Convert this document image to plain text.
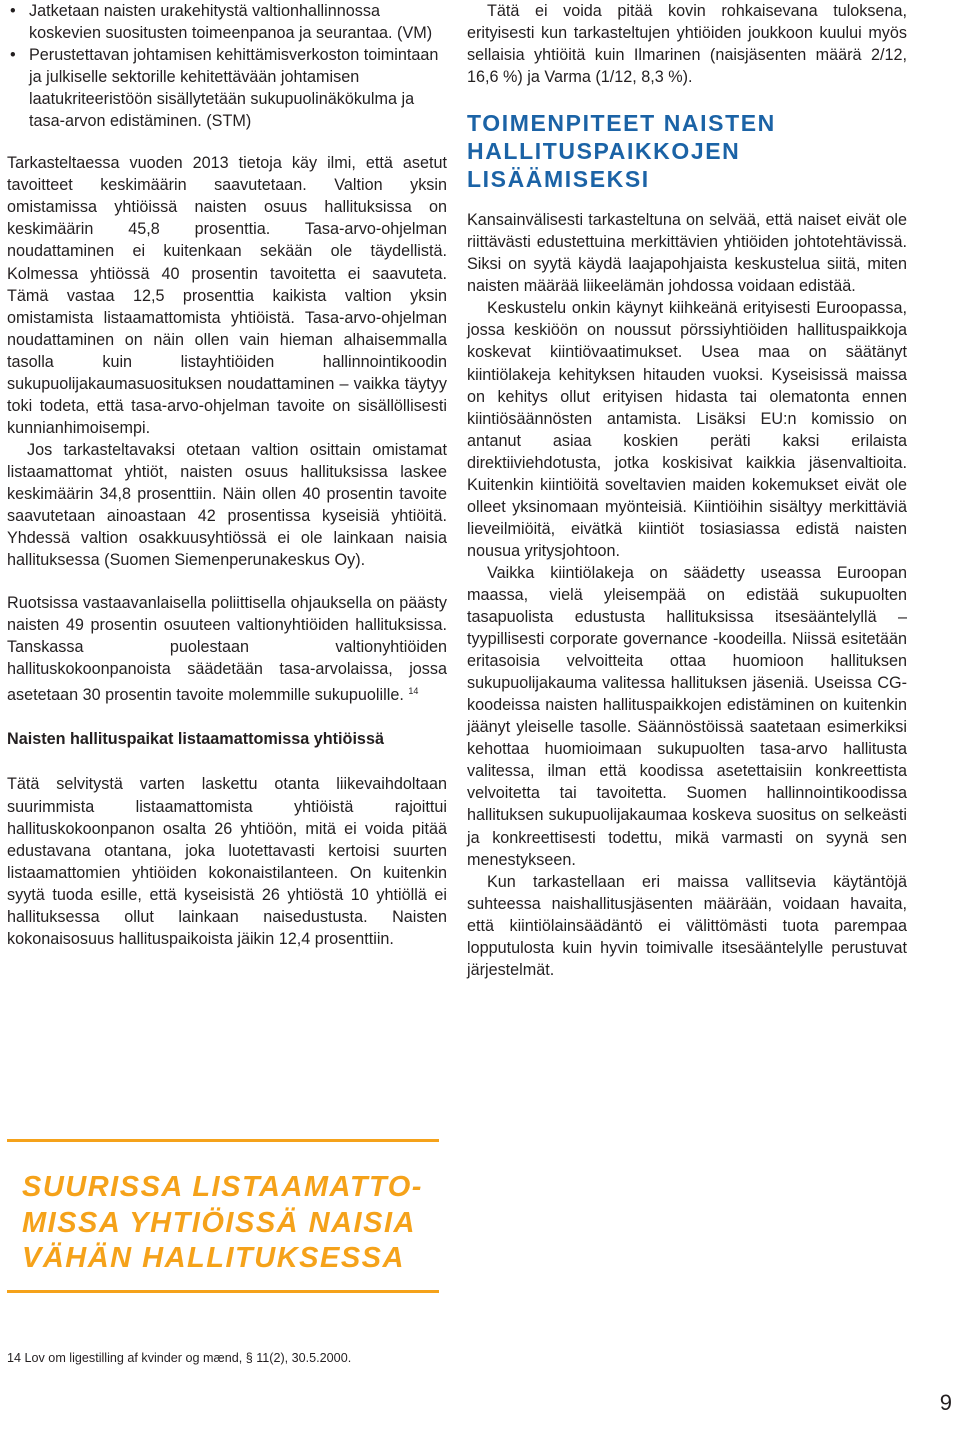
• Jatketaan naisten urakehitystä valtionhallinnossa koskevien suositusten toimeenpanoa ja seurantaa. (VM)
• Perustettavan johtamisen kehittämisverkoston toimintaan ja julkiselle sektorille kehitettävään johtamisen laatukriteeristöön sisällytetään sukupuolinäkökulma ja tasa-arvon edistäminen. (STM)

Tarkasteltaessa vuoden 2013 tietoja käy ilmi, että asetut tavoitteet keskimäärin saavutetaan. Valtion yksin omistamissa yhtiöissä naisten osuus hallituksissa on keskimäärin 45,8 prosenttia. Tasa-arvo-ohjelman noudattaminen ei kuitenkaan sekään ole täydellistä. Kolmessa yhtiössä 40 prosentin tavoitetta ei saavuteta. Tämä vastaa 12,5 prosenttia kaikista valtion yksin omistamista listaamattomista yhtiöistä. Tasa-arvo-ohjelman noudattaminen on näin ollen vain hieman alhaisemmalla tasolla kuin listayhtiöiden hallinnointikoodin sukupuolijakaumasuosituksen noudattaminen – vaikka täytyy toki todeta, että tasa-arvo-ohjelman tavoite on sisällöllisesti kunnianhimoisempi.

Jos tarkasteltavaksi otetaan valtion osittain omistamat listaamattomat yhtiöt, naisten osuus hallituksissa laskee keskimäärin 34,8 prosenttiin. Näin ollen 40 prosentin tavoite saavutetaan ainoastaan 42 prosentissa kyseisiä yhtiöitä. Yhdessä valtion osakkuusyhtiössä ei ole lainkaan naisia hallituksessa (Suomen Siemenperunakeskus Oy).

Ruotsissa vastaavanlaisella poliittisella ohjauksella on päästy naisten 49 prosentin osuuteen valtionyhtiöiden hallituksissa. Tanskassa puolestaan valtionyhtiöiden hallituskokoonpanoista säädetään tasa-arvolaissa, jossa asetetaan 30 prosentin tavoite molemmille sukupuolille. $^{14}$

Naisten hallituspaikat listaamattomissa yhtiöissä

Tätä selvitystä varten laskettu otanta liikevaihdoltaan suurimmista listaamattomista yhtiöistä rajoittui hallituskokoonpanon osalta 26 yhtiöön, mitä ei voida pitää edustavana otantana, joka luotettavasti kertoisi suurten listaamattomien yhtiöiden kokonaistilanteen. On kuitenkin syytä tuoda esille, että kyseisistä 26 yhtiöstä 10 yhtiöllä ei hallituksessa ollut lainkaan naisedustusta. Naisten kokonaisosuus hallituspaikoista jäikin 12,4 prosenttiin.

SUURISSA LISTAAMATTO-MISSA YHTIÖISSÄ NAISIA VÄHÄN HALLITUKSESSA

Tätä ei voida pitää kovin rohkaisevana tuloksena, erityisesti kun tarkasteltujen yhtiöiden joukkoon kuului myös sellaisia yhtiöitä kuin Ilmarinen (naisjäsenten määrä 2/12, 16,6 %) ja Varma (1/12, 8,3 %).

TOIMENPITEET NAISTEN HALLITUSPAIKKOJEN LISÄÄMISEKSI

Kansainvälisesti tarkasteltuna on selvää, että naiset eivät ole riittävästi edustettuina merkittävien yhtiöiden johtotehtävissä. Siksi on syytä käydä laajapohjaista keskustelua siitä, miten naisten määrää liikeelämän johdossa voidaan edistää.

Keskustelu onkin käynyt kiihkeänä erityisesti Euroopassa, jossa keskiöön on noussut pörssiyhtiöiden hallituspaikkoja koskevat kiintiövaatimukset. Usea maa on säätänyt kiintiölakeja kehityksen hitauden vuoksi. Kyseisissä maissa on kehitys ollut erityisen hidasta tai olematonta ennen kiintiösäännösten antamista. Lisäksi EU:n komissio on antanut asiaa koskien peräti kaksi erilaista direktiiviehdotusta, jotka koskisivat kaikkia jäsenvaltioita. Kuitenkin kiintiöitä soveltavien maiden kokemukset eivät ole olleet yksinomaan myönteisiä. Kiintiöihin sisältyy merkittäviä lieveilmiöitä, eivätkä kiintiöt tosiasiassa edistä naisten nousua yritysjohtoon.

Vaikka kiintiölakeja on säädetty useassa Euroopan maassa, vielä yleisempää on edistää sukupuolten tasapuolista edustusta hallituksissa itsesääntelyllä – tyypillisesti corporate governance -koodeilla. Niissä esitetään eritasoisia velvoitteita ottaa huomioon hallituksen sukupuolijakauma valitessa hallituksen jäseniä. Useissa CG-koodeissa naisten hallituspaikkojen edistäminen on kuitenkin jäänyt yleiselle tasolle. Säännöstöissä saatetaan esimerkiksi kehottaa huomioimaan sukupuolten tasa-arvo hallitusta valitessa, ilman että koodissa asetettaisiin konkreettista velvoitetta tai tavoitetta. Suomen hallinnointikoodissa hallituksen sukupuolijakaumaa koskeva suositus on selkeästi ja konkreettisesti todettu, mikä varmasti on syynä sen menestykseen.

Kun tarkastellaan eri maissa vallitsevia käytäntöjä suhteessa naishallitusjäsenten määrään, voidaan havaita, että kiintiölainsäädäntö ei välittömästi tuota parempaa lopputulosta kuin hyvin toimivalle itsesääntelylle perustuvat järjestelmät.

14 Lov om ligestilling af kvinder og mænd, § 11(2), 30.5.2000.
9
